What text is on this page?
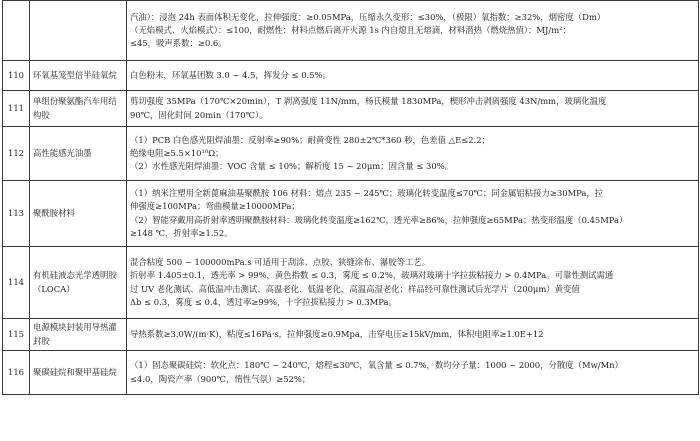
		汽油）：浸泡 24h 表面体积无变化，拉伸强度：≥0.05MPa，压缩永久变形：≤30%，（极限）氧指数：≥32%，烟密度（Dm）
（无焰模式、火焰模式）：≤100，耐燃性：材料点燃后离开火源 1s 内自熄且无熔滴，材料潜热（燃烧热值）：MJ/m²：
≤45，吸声系数：≥0.6。

110	环氧基笼型倍半硅氧烷	白色粉末，环氧基团数 3.0 ~ 4.5，挥发分 ≤ 0.5%。

111	单组份聚氨酯汽车用结构胶	剪切强度 35MPa（170℃×20min），T 剥离强度 11N/mm，杨氏模量 1830MPa，楔形冲击剥离强度 43N/mm，玻璃化温度
90℃，固化时间 20min（170℃）。

112	高性能感光油墨	（1）PCB 白色感光阻焊油墨：反射率≥90%；耐黄变性 280±2℃*360 秒，色差值 △E≤2.2；
绝缘电阻≥5.5×10¹⁰Ω；
（2）水性感光阻焊油墨：VOC 含量 ≤ 10%；解析度 15 ~ 20μm；固含量 ≤ 30%。

113	聚酰胺材料	（1）纳米注塑用全新蓖麻油基聚酰胺 106 材料：熔点 235 ~ 245℃；玻璃化转变温度≤70℃；同金属铝粘接力≥30MPa，拉
伸强度≥100MPa；弯曲模量≥10000MPa；
（2）智能穿戴用高折射率透明聚酰胺材料：玻璃化转变温度≥162℃，透光率≥86%，拉伸强度≥65MPa；热变形温度（0.45MPa）
≥148 ℃，折射率≥1.52。

114	有机硅液态光学透明胶（LOCA）	混合粘度 500 ~ 100000mPa.s 可适用于刮涂、点胶、狭缝涂布、瀑胶等工艺。
折射率 1.405±0.1，透光率 > 99%，黄色指数 ≤ 0.3，雾度 ≤ 0.2%，玻璃对玻璃十字拉拔粘接力 > 0.4MPa。可靠性测试需通
过 UV 老化测试、高低温冲击测试、高温老化、低温老化、高温高湿老化；样品经可靠性测试后光学片（200μm）黄变值
Δb ≤ 0.3，雾度 ≤ 0.4，透过率≥99%，十字拉拔粘接力 > 0.3MPa。

115	电源模块封装用导热灌封胶	导热系数≥3.0W/(m·K)，粘度≤16Pa·s，拉伸强度≥0.9Mpa，击穿电压≥15kV/mm，体积电阻率≥1.0E+12

116	聚碳硅烷和聚甲基硅烷	（1）固态聚碳硅烷：软化点：180℃ ~ 240℃，熔程≤30℃，氧含量 ≤ 0.7%，数均分子量：1000 ~ 2000，分散度（Mw/Mn）
≤4.0，陶瓷产率（900℃，惰性气氛）≥52%；
